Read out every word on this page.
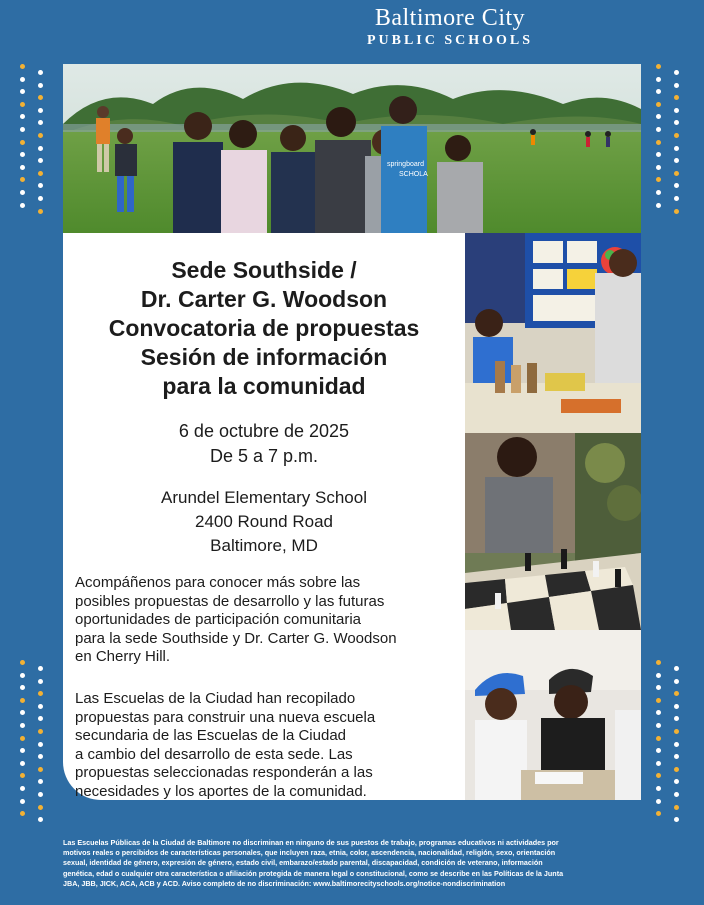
Baltimore City
PUBLIC SCHOOLS
springboard
SCHOLA
Sede Southside /
Dr. Carter G. Woodson
Convocatoria de propuestas
Sesión de información
para la comunidad
6 de octubre de 2025
De 5 a 7 p.m.
Arundel Elementary School
2400 Round Road
Baltimore, MD
Acompáñenos para conocer más sobre las
posibles propuestas de desarrollo y las futuras
oportunidades de participación comunitaria
para la sede Southside y Dr. Carter G. Woodson
en Cherry Hill.
Las Escuelas de la Ciudad han recopilado
propuestas para construir una nueva escuela
secundaria de las Escuelas de la Ciudad
a cambio del desarrollo de esta sede. Las
propuestas seleccionadas responderán a las
necesidades y los aportes de la comunidad.
Las Escuelas Públicas de la Ciudad de Baltimore no discriminan en ninguno de sus puestos de trabajo, programas educativos ni actividades por
motivos reales o percibidos de características personales, que incluyen raza, etnia, color, ascendencia, nacionalidad, religión, sexo, orientación
sexual, identidad de género, expresión de género, estado civil, embarazo/estado parental, discapacidad, condición de veterano, información
genética, edad o cualquier otra característica o afiliación protegida de manera legal o constitucional, como se describe en las Políticas de la Junta
JBA, JBB, JICK, ACA, ACB y ACD. Aviso completo de no discriminación: www.baltimorecityschools.org/notice-nondiscrimination
